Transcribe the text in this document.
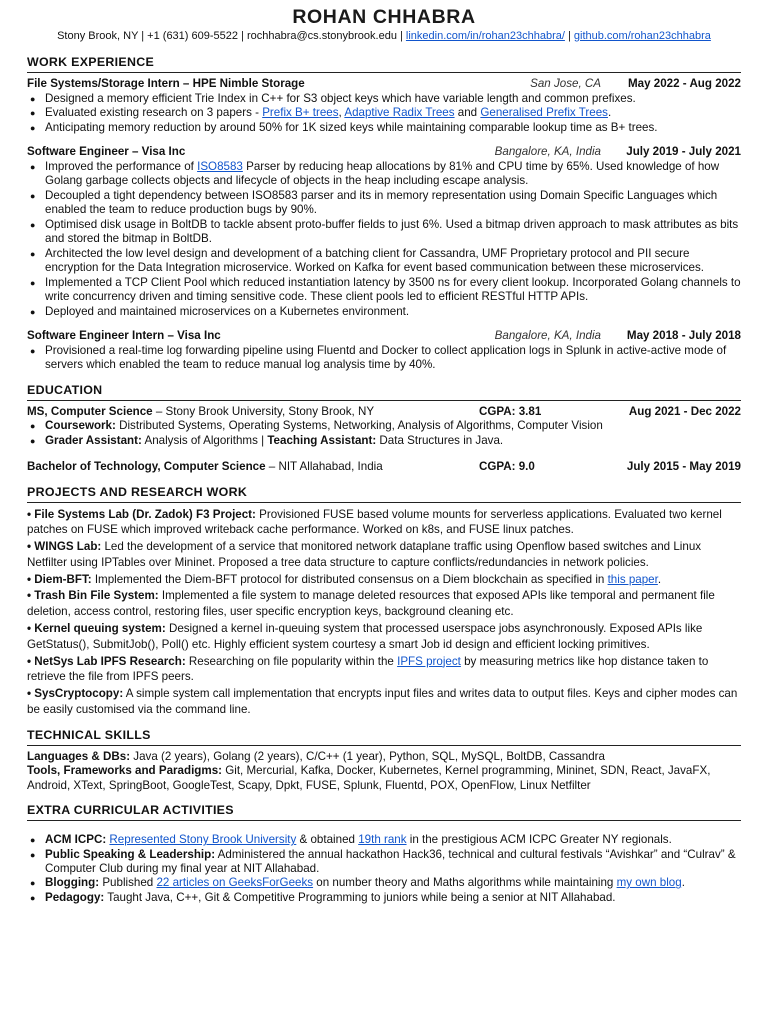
ROHAN CHHABRA
Stony Brook, NY | +1 (631) 609-5522 | rochhabra@cs.stonybrook.edu | linkedin.com/in/rohan23chhabra/ | github.com/rohan23chhabra
WORK EXPERIENCE
File Systems/Storage Intern – HPE Nimble Storage	San Jose, CA	May 2022 - Aug 2022
● Designed a memory efficient Trie Index in C++ for S3 object keys which have variable length and common prefixes.
● Evaluated existing research on 3 papers - Prefix B+ trees, Adaptive Radix Trees and Generalised Prefix Trees.
● Anticipating memory reduction by around 50% for 1K sized keys while maintaining comparable lookup time as B+ trees.
Software Engineer – Visa Inc	Bangalore, KA, India	July 2019 - July 2021
● Improved the performance of ISO8583 Parser by reducing heap allocations by 81% and CPU time by 65%. Used knowledge of how Golang garbage collects objects and lifecycle of objects in the heap including escape analysis.
● Decoupled a tight dependency between ISO8583 parser and its in memory representation using Domain Specific Languages which enabled the team to reduce production bugs by 90%.
● Optimised disk usage in BoltDB to tackle absent proto-buffer fields to just 6%. Used a bitmap driven approach to mask attributes as bits and stored the bitmap in BoltDB.
● Architected the low level design and development of a batching client for Cassandra, UMF Proprietary protocol and PII secure encryption for the Data Integration microservice. Worked on Kafka for event based communication between these microservices.
● Implemented a TCP Client Pool which reduced instantiation latency by 3500 ns for every client lookup. Incorporated Golang channels to write concurrency driven and timing sensitive code. These client pools led to efficient RESTful HTTP APIs.
● Deployed and maintained microservices on a Kubernetes environment.
Software Engineer Intern – Visa Inc	Bangalore, KA, India	May 2018 - July 2018
● Provisioned a real-time log forwarding pipeline using Fluentd and Docker to collect application logs in Splunk in active-active mode of servers which enabled the team to reduce manual log analysis time by 40%.
EDUCATION
MS, Computer Science – Stony Brook University, Stony Brook, NY	CGPA: 3.81	Aug 2021 - Dec 2022
● Coursework: Distributed Systems, Operating Systems, Networking, Analysis of Algorithms, Computer Vision
● Grader Assistant: Analysis of Algorithms | Teaching Assistant: Data Structures in Java.
Bachelor of Technology, Computer Science – NIT Allahabad, India	CGPA: 9.0	July 2015 - May 2019
PROJECTS AND RESEARCH WORK

• File Systems Lab (Dr. Zadok) F3 Project: Provisioned FUSE based volume mounts for serverless applications. Evaluated two kernel patches on FUSE which improved writeback cache performance. Worked on k8s, and FUSE linux patches.

• WINGS Lab: Led the development of a service that monitored network dataplane traffic using Openflow based switches and Linux Netfilter using IPTables over Mininet. Proposed a tree data structure to capture conflicts/redundancies in network policies.

• Diem-BFT: Implemented the Diem-BFT protocol for distributed consensus on a Diem blockchain as specified in this paper.

• Trash Bin File System: Implemented a file system to manage deleted resources that exposed APIs like temporal and permanent file deletion, access control, restoring files, user specific encryption keys, background cleaning etc.

• Kernel queuing system: Designed a kernel in-queuing system that processed userspace jobs asynchronously. Exposed APIs like GetStatus(), SubmitJob(), Poll() etc. Highly efficient system courtesy a smart Job id design and efficient locking primitives.

• NetSys Lab IPFS Research: Researching on file popularity within the IPFS project by measuring metrics like hop distance taken to retrieve the file from IPFS peers.

• SysCryptocopy: A simple system call implementation that encrypts input files and writes data to output files. Keys and cipher modes can be easily customised via the command line.

TECHNICAL SKILLS

Languages & DBs: Java (2 years), Golang (2 years), C/C++ (1 year), Python, SQL, MySQL, BoltDB, Cassandra

Tools, Frameworks and Paradigms: Git, Mercurial, Kafka, Docker, Kubernetes, Kernel programming, Mininet, SDN, React, JavaFX, Android, XText, SpringBoot, GoogleTest, Scapy, Dpkt, FUSE, Splunk, Fluentd, POX, OpenFlow, Linux Netfilter

EXTRA CURRICULAR ACTIVITIES
● ACM ICPC: Represented Stony Brook University & obtained 19th rank in the prestigious ACM ICPC Greater NY regionals.
● Public Speaking & Leadership: Administered the annual hackathon Hack36, technical and cultural festivals “Avishkar” and “Culrav” & Computer Club during my final year at NIT Allahabad.
● Blogging: Published 22 articles on GeeksForGeeks on number theory and Maths algorithms while maintaining my own blog.
● Pedagogy: Taught Java, C++, Git & Competitive Programming to juniors while being a senior at NIT Allahabad.
